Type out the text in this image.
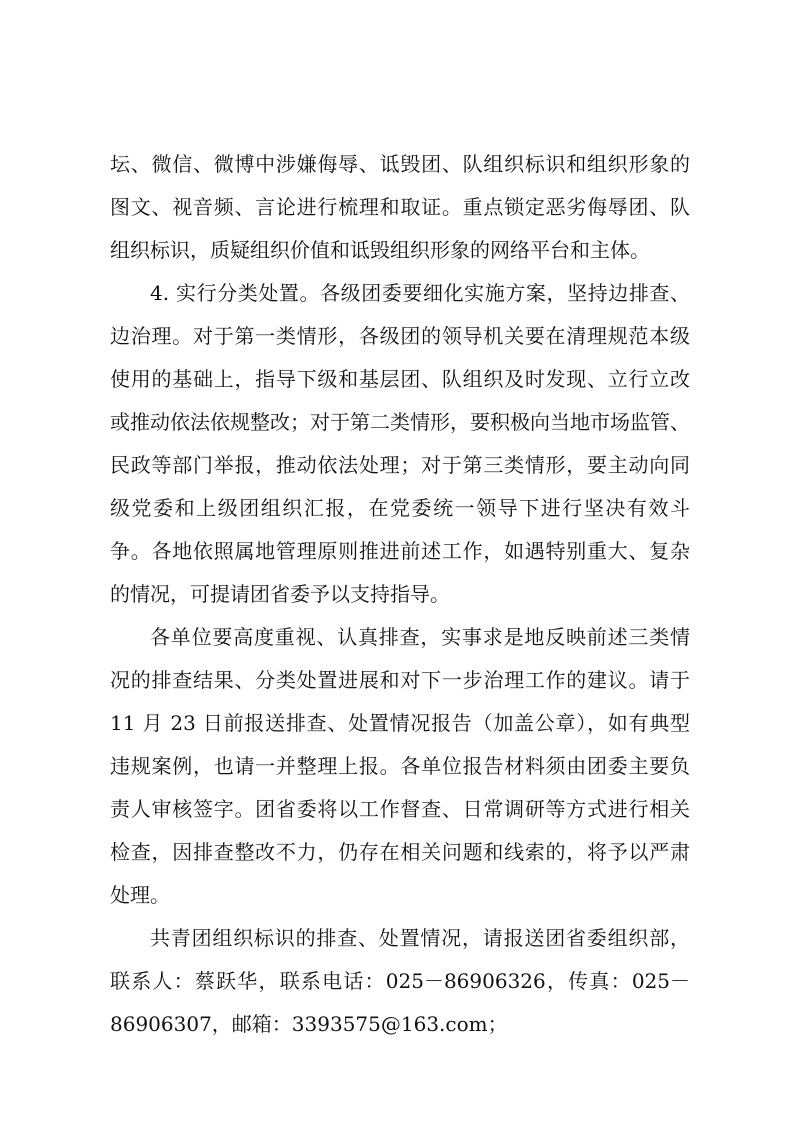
坛、微信、微博中涉嫌侮辱、诋毁团、队组织标识和组织形象的

图文、视音频、言论进行梳理和取证。重点锁定恶劣侮辱团、队

组织标识，质疑组织价值和诋毁组织形象的网络平台和主体。

4. 实行分类处置。各级团委要细化实施方案，坚持边排查、

边治理。对于第一类情形，各级团的领导机关要在清理规范本级

使用的基础上，指导下级和基层团、队组织及时发现、立行立改

或推动依法依规整改；对于第二类情形，要积极向当地市场监管、

民政等部门举报，推动依法处理；对于第三类情形，要主动向同

级党委和上级团组织汇报，在党委统一领导下进行坚决有效斗

争。各地依照属地管理原则推进前述工作，如遇特别重大、复杂

的情况，可提请团省委予以支持指导。

各单位要高度重视、认真排查，实事求是地反映前述三类情

况的排查结果、分类处置进展和对下一步治理工作的建议。请于

11 月 23 日前报送排查、处置情况报告（加盖公章），如有典型

违规案例，也请一并整理上报。各单位报告材料须由团委主要负

责人审核签字。团省委将以工作督查、日常调研等方式进行相关

检查，因排查整改不力，仍存在相关问题和线索的，将予以严肃

处理。

共青团组织标识的排查、处置情况，请报送团省委组织部，

联系人：蔡跃华，联系电话：025－86906326，传真：025－

86906307，邮箱：3393575@163.com；
